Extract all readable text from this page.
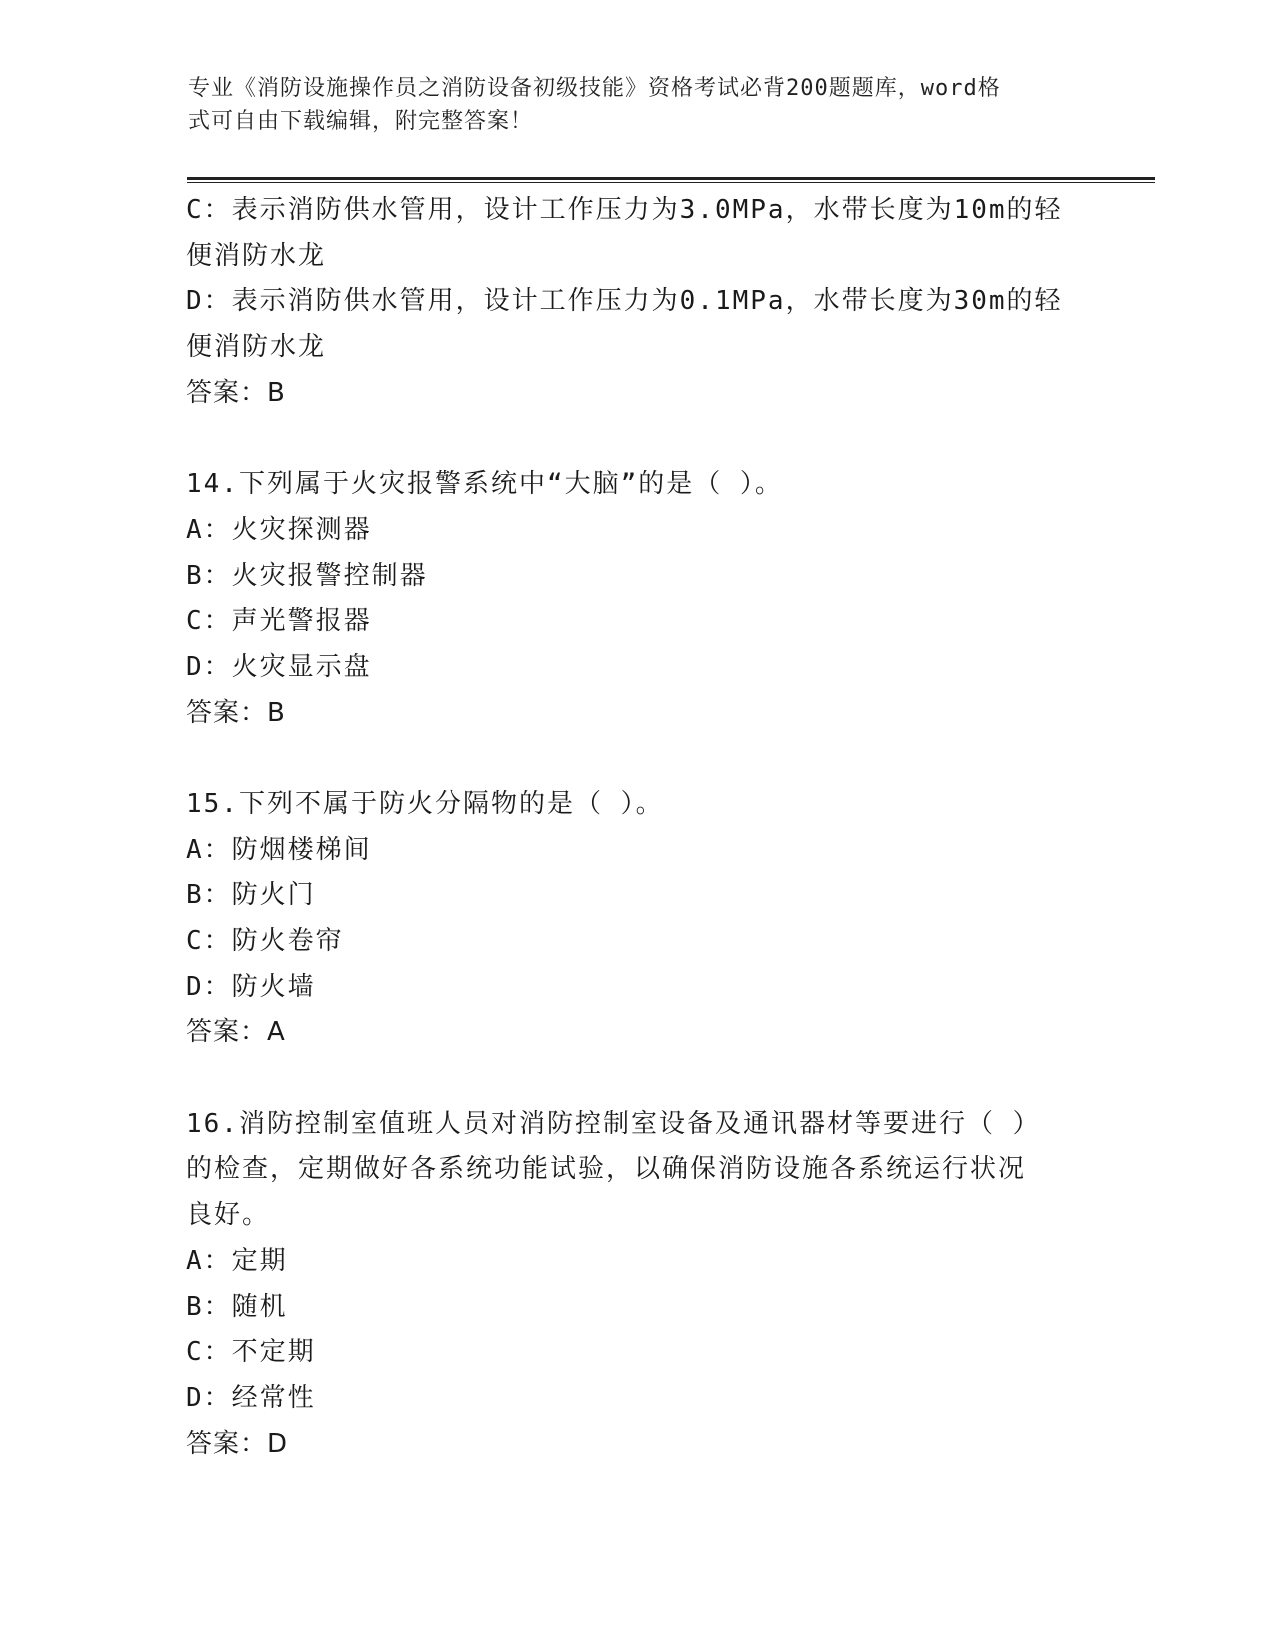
专业《消防设施操作员之消防设备初级技能》资格考试必背200题题库，word格
式可自由下载编辑，附完整答案！
C：表示消防供水管用，设计工作压力为3.0MPa，水带长度为10m的轻
便消防水龙
D：表示消防供水管用，设计工作压力为0.1MPa，水带长度为30m的轻
便消防水龙
答案：B
14.下列属于火灾报警系统中“大脑”的是（ ）。
A：火灾探测器
B：火灾报警控制器
C：声光警报器
D：火灾显示盘
答案：B
15.下列不属于防火分隔物的是（ ）。
A：防烟楼梯间
B：防火门
C：防火卷帘
D：防火墙
答案：A
16.消防控制室值班人员对消防控制室设备及通讯器材等要进行（ ）
的检查，定期做好各系统功能试验，以确保消防设施各系统运行状况
良好。
A：定期
B：随机
C：不定期
D：经常性
答案：D
